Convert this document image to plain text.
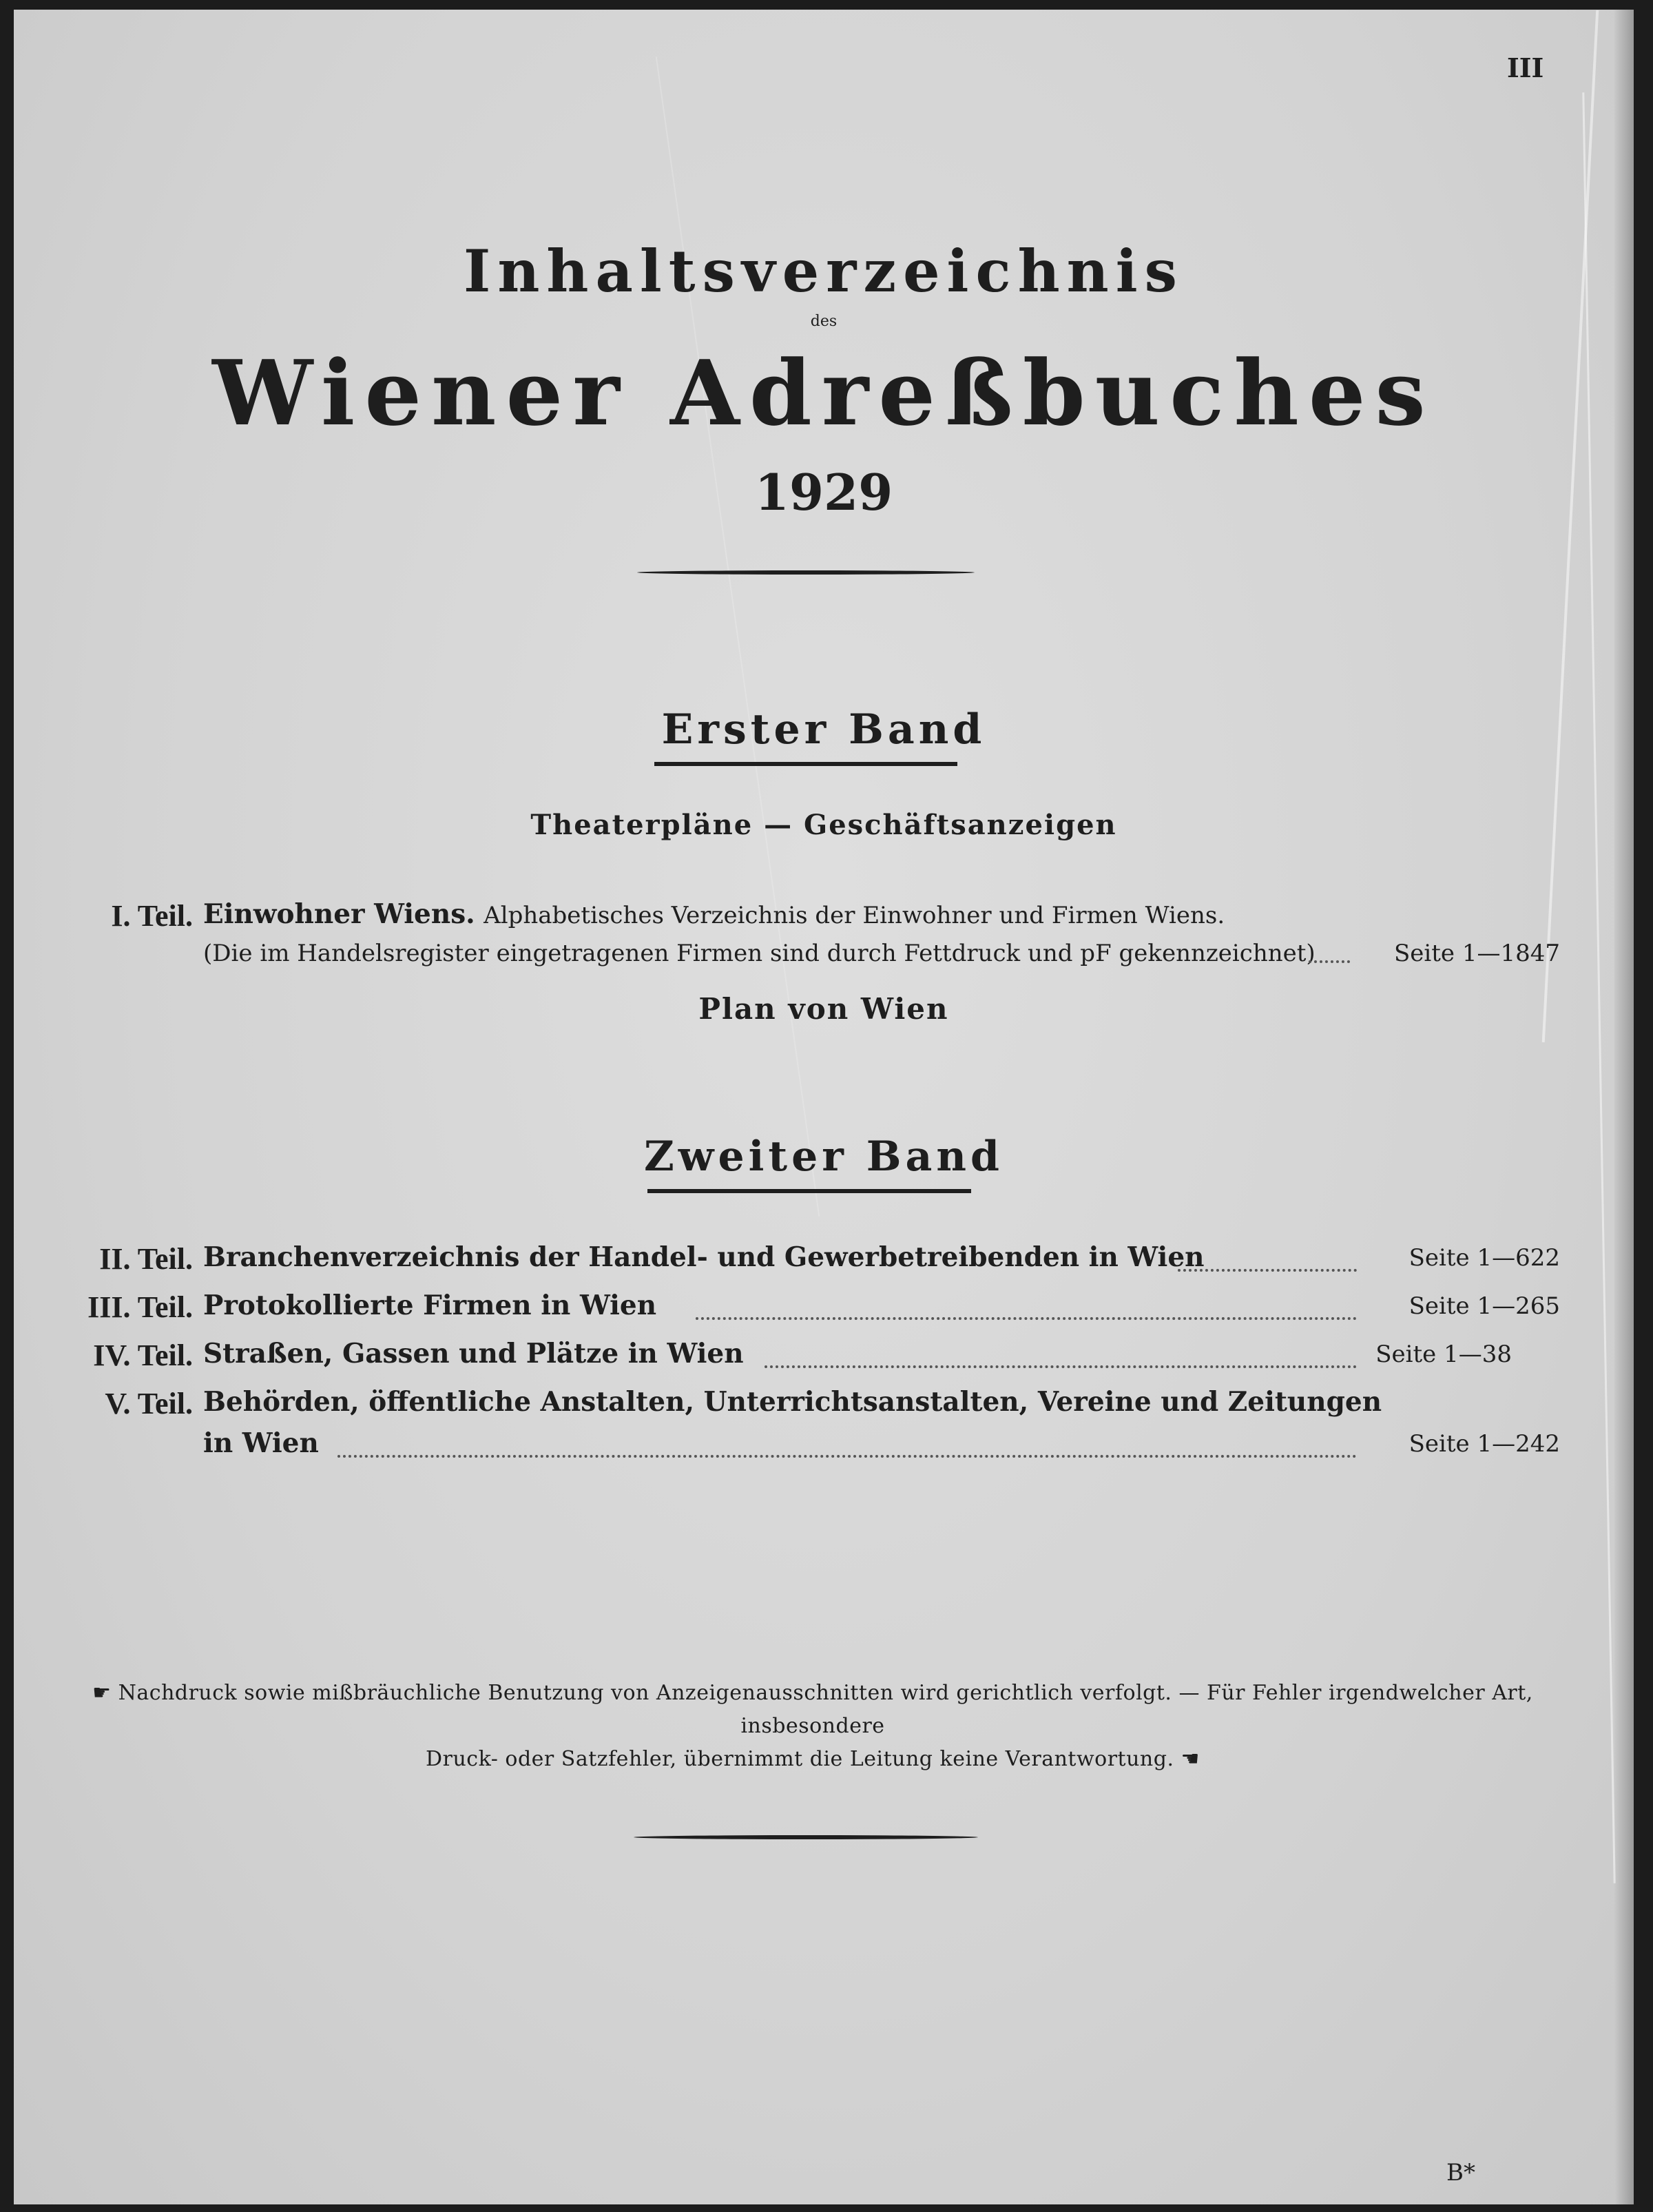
III
Inhaltsverzeichnis
des
Wiener Adreßbuches
1929
Erster Band
Theaterpläne — Geschäftsanzeigen
I. Teil. Einwohner Wiens. Alphabetisches Verzeichnis der Einwohner und Firmen Wiens.
(Die im Handelsregister eingetragenen Firmen sind durch Fettdruck und pF gekennzeichnet)	Seite 1—1847
Plan von Wien
Zweiter Band
II. Teil. Branchenverzeichnis der Handel- und Gewerbetreibenden in Wien	Seite 1—622
III. Teil. Protokollierte Firmen in Wien	Seite 1—265
IV. Teil. Straßen, Gassen und Plätze in Wien	Seite 1—38
V. Teil. Behörden, öffentliche Anstalten, Unterrichtsanstalten, Vereine und Zeitungen
in Wien	Seite 1—242
☛ Nachdruck sowie mißbräuchliche Benutzung von Anzeigenausschnitten wird gerichtlich verfolgt. — Für Fehler irgendwelcher Art, insbesondere
Druck- oder Satzfehler, übernimmt die Leitung keine Verantwortung. ☚
B*
